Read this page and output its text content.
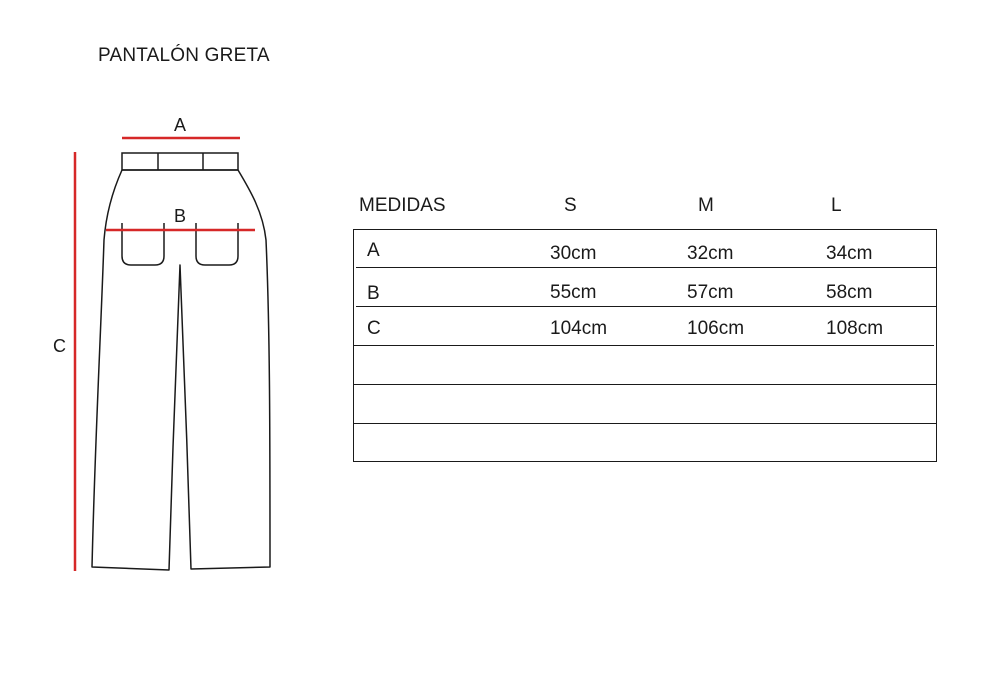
PANTALÓN GRETA
A
B
C
MEDIDAS	S	M	L
A	30cm	32cm	34cm
B	55cm	57cm	58cm
C	104cm	106cm	108cm
